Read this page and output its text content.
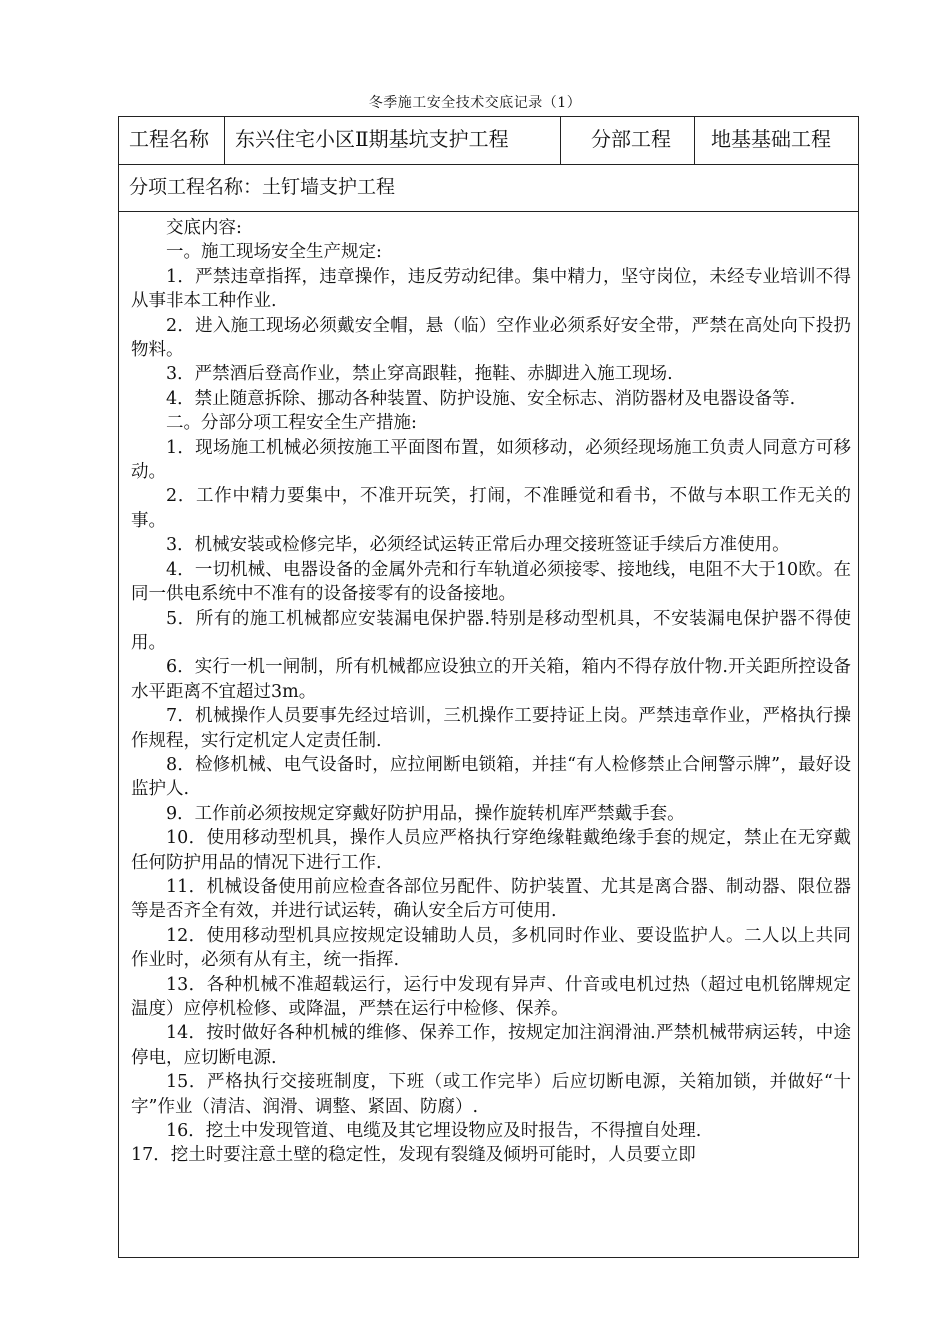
冬季施工安全技术交底记录（1）
工程名称	东兴住宅小区Ⅱ期基坑支护工程	分部工程	地基基础工程
分项工程名称：土钉墙支护工程

交底内容:

一。施工现场安全生产规定:

1．严禁违章指挥，违章操作，违反劳动纪律。集中精力，坚守岗位，未经专业培训不得从事非本工种作业.

2．进入施工现场必须戴安全帽，悬（临）空作业必须系好安全带，严禁在高处向下投扔物料。

3．严禁酒后登高作业，禁止穿高跟鞋，拖鞋、赤脚进入施工现场.

4．禁止随意拆除、挪动各种装置、防护设施、安全标志、消防器材及电器设备等.

二。分部分项工程安全生产措施:

1．现场施工机械必须按施工平面图布置，如须移动，必须经现场施工负责人同意方可移动。

2．工作中精力要集中，不准开玩笑，打闹，不准睡觉和看书，不做与本职工作无关的事。

3．机械安装或检修完毕，必须经试运转正常后办理交接班签证手续后方准使用。

4．一切机械、电器设备的金属外壳和行车轨道必须接零、接地线，电阻不大于10欧。在同一供电系统中不准有的设备接零有的设备接地。

5．所有的施工机械都应安装漏电保护器.特别是移动型机具，不安装漏电保护器不得使用。

6．实行一机一闸制，所有机械都应设独立的开关箱，箱内不得存放什物.开关距所控设备水平距离不宜超过3m。

7．机械操作人员要事先经过培训，三机操作工要持证上岗。严禁违章作业，严格执行操作规程，实行定机定人定责任制.

8．检修机械、电气设备时，应拉闸断电锁箱，并挂“有人检修禁止合闸警示牌”，最好设监护人.

9．工作前必须按规定穿戴好防护用品，操作旋转机库严禁戴手套。

10．使用移动型机具，操作人员应严格执行穿绝缘鞋戴绝缘手套的规定，禁止在无穿戴任何防护用品的情况下进行工作.

11．机械设备使用前应检查各部位另配件、防护装置、尤其是离合器、制动器、限位器等是否齐全有效，并进行试运转，确认安全后方可使用.

12．使用移动型机具应按规定设辅助人员，多机同时作业、要设监护人。二人以上共同作业时，必须有从有主，统一指挥.

13．各种机械不准超载运行，运行中发现有异声、什音或电机过热（超过电机铭牌规定温度）应停机检修、或降温，严禁在运行中检修、保养。

14．按时做好各种机械的维修、保养工作，按规定加注润滑油.严禁机械带病运转，中途停电，应切断电源.

15．严格执行交接班制度，下班（或工作完毕）后应切断电源，关箱加锁，并做好“十字”作业（清洁、润滑、调整、紧固、防腐）.

16．挖土中发现管道、电缆及其它埋设物应及时报告，不得擅自处理.

17．挖土时要注意土壁的稳定性，发现有裂缝及倾坍可能时，人员要立即
